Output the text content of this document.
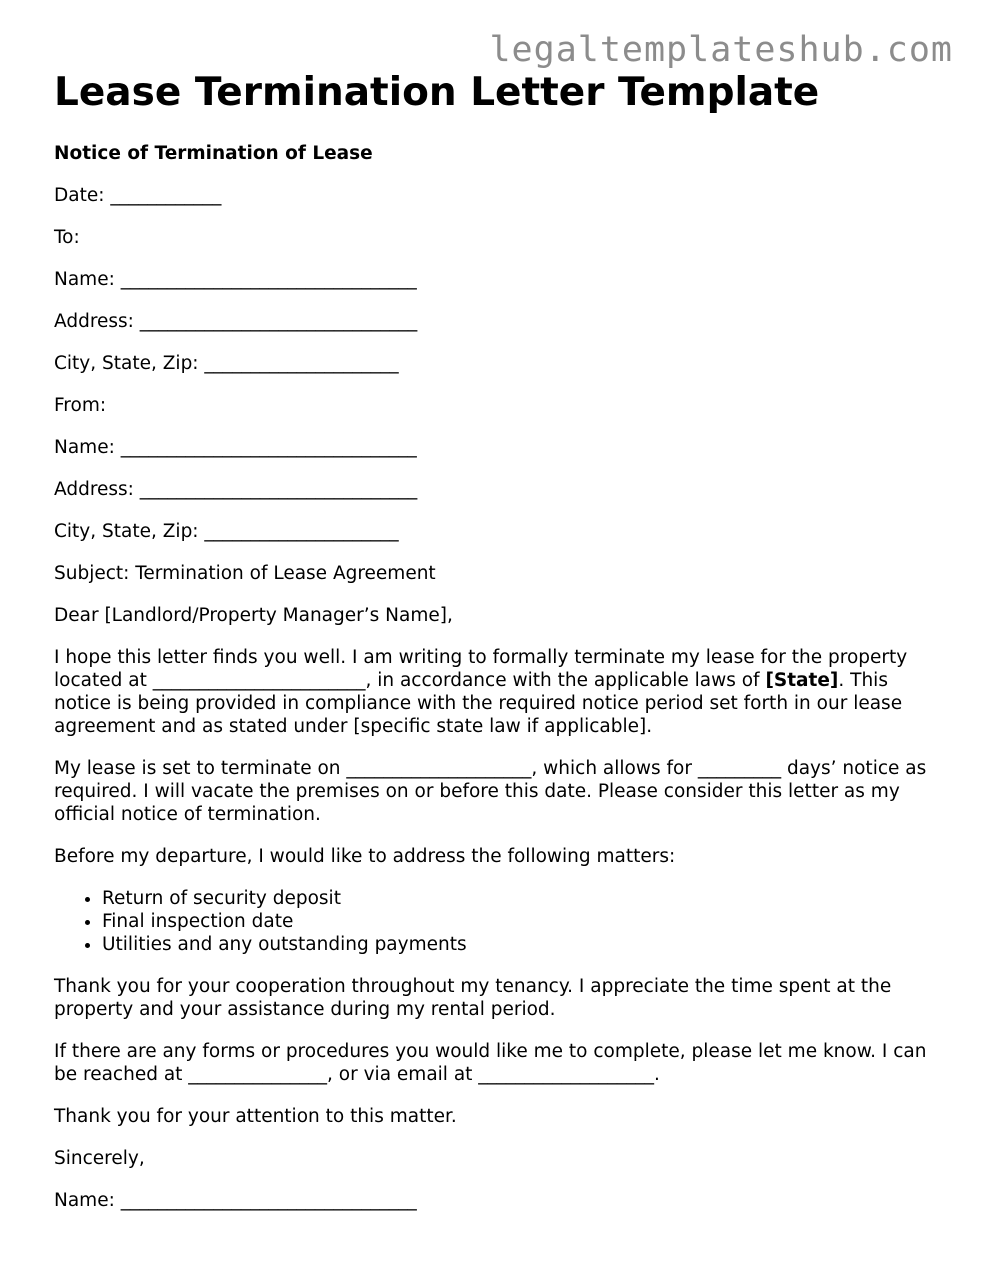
legaltemplateshub.com
Lease Termination Letter Template

Notice of Termination of Lease

Date: ____________

To:

Name: ________________________________

Address: ______________________________

City, State, Zip: _____________________

From:

Name: ________________________________

Address: ______________________________

City, State, Zip: _____________________

Subject: Termination of Lease Agreement

Dear [Landlord/Property Manager’s Name],

I hope this letter finds you well. I am writing to formally terminate my lease for the property located at _______________________, in accordance with the applicable laws of [State]. This notice is being provided in compliance with the required notice period set forth in our lease agreement and as stated under [specific state law if applicable].

My lease is set to terminate on ____________________, which allows for _________ days’ notice as required. I will vacate the premises on or before this date. Please consider this letter as my official notice of termination.

Before my departure, I would like to address the following matters:

• Return of security deposit
• Final inspection date
• Utilities and any outstanding payments

Thank you for your cooperation throughout my tenancy. I appreciate the time spent at the property and your assistance during my rental period.

If there are any forms or procedures you would like me to complete, please let me know. I can be reached at _______________, or via email at ___________________.

Thank you for your attention to this matter.

Sincerely,

Name: ________________________________
